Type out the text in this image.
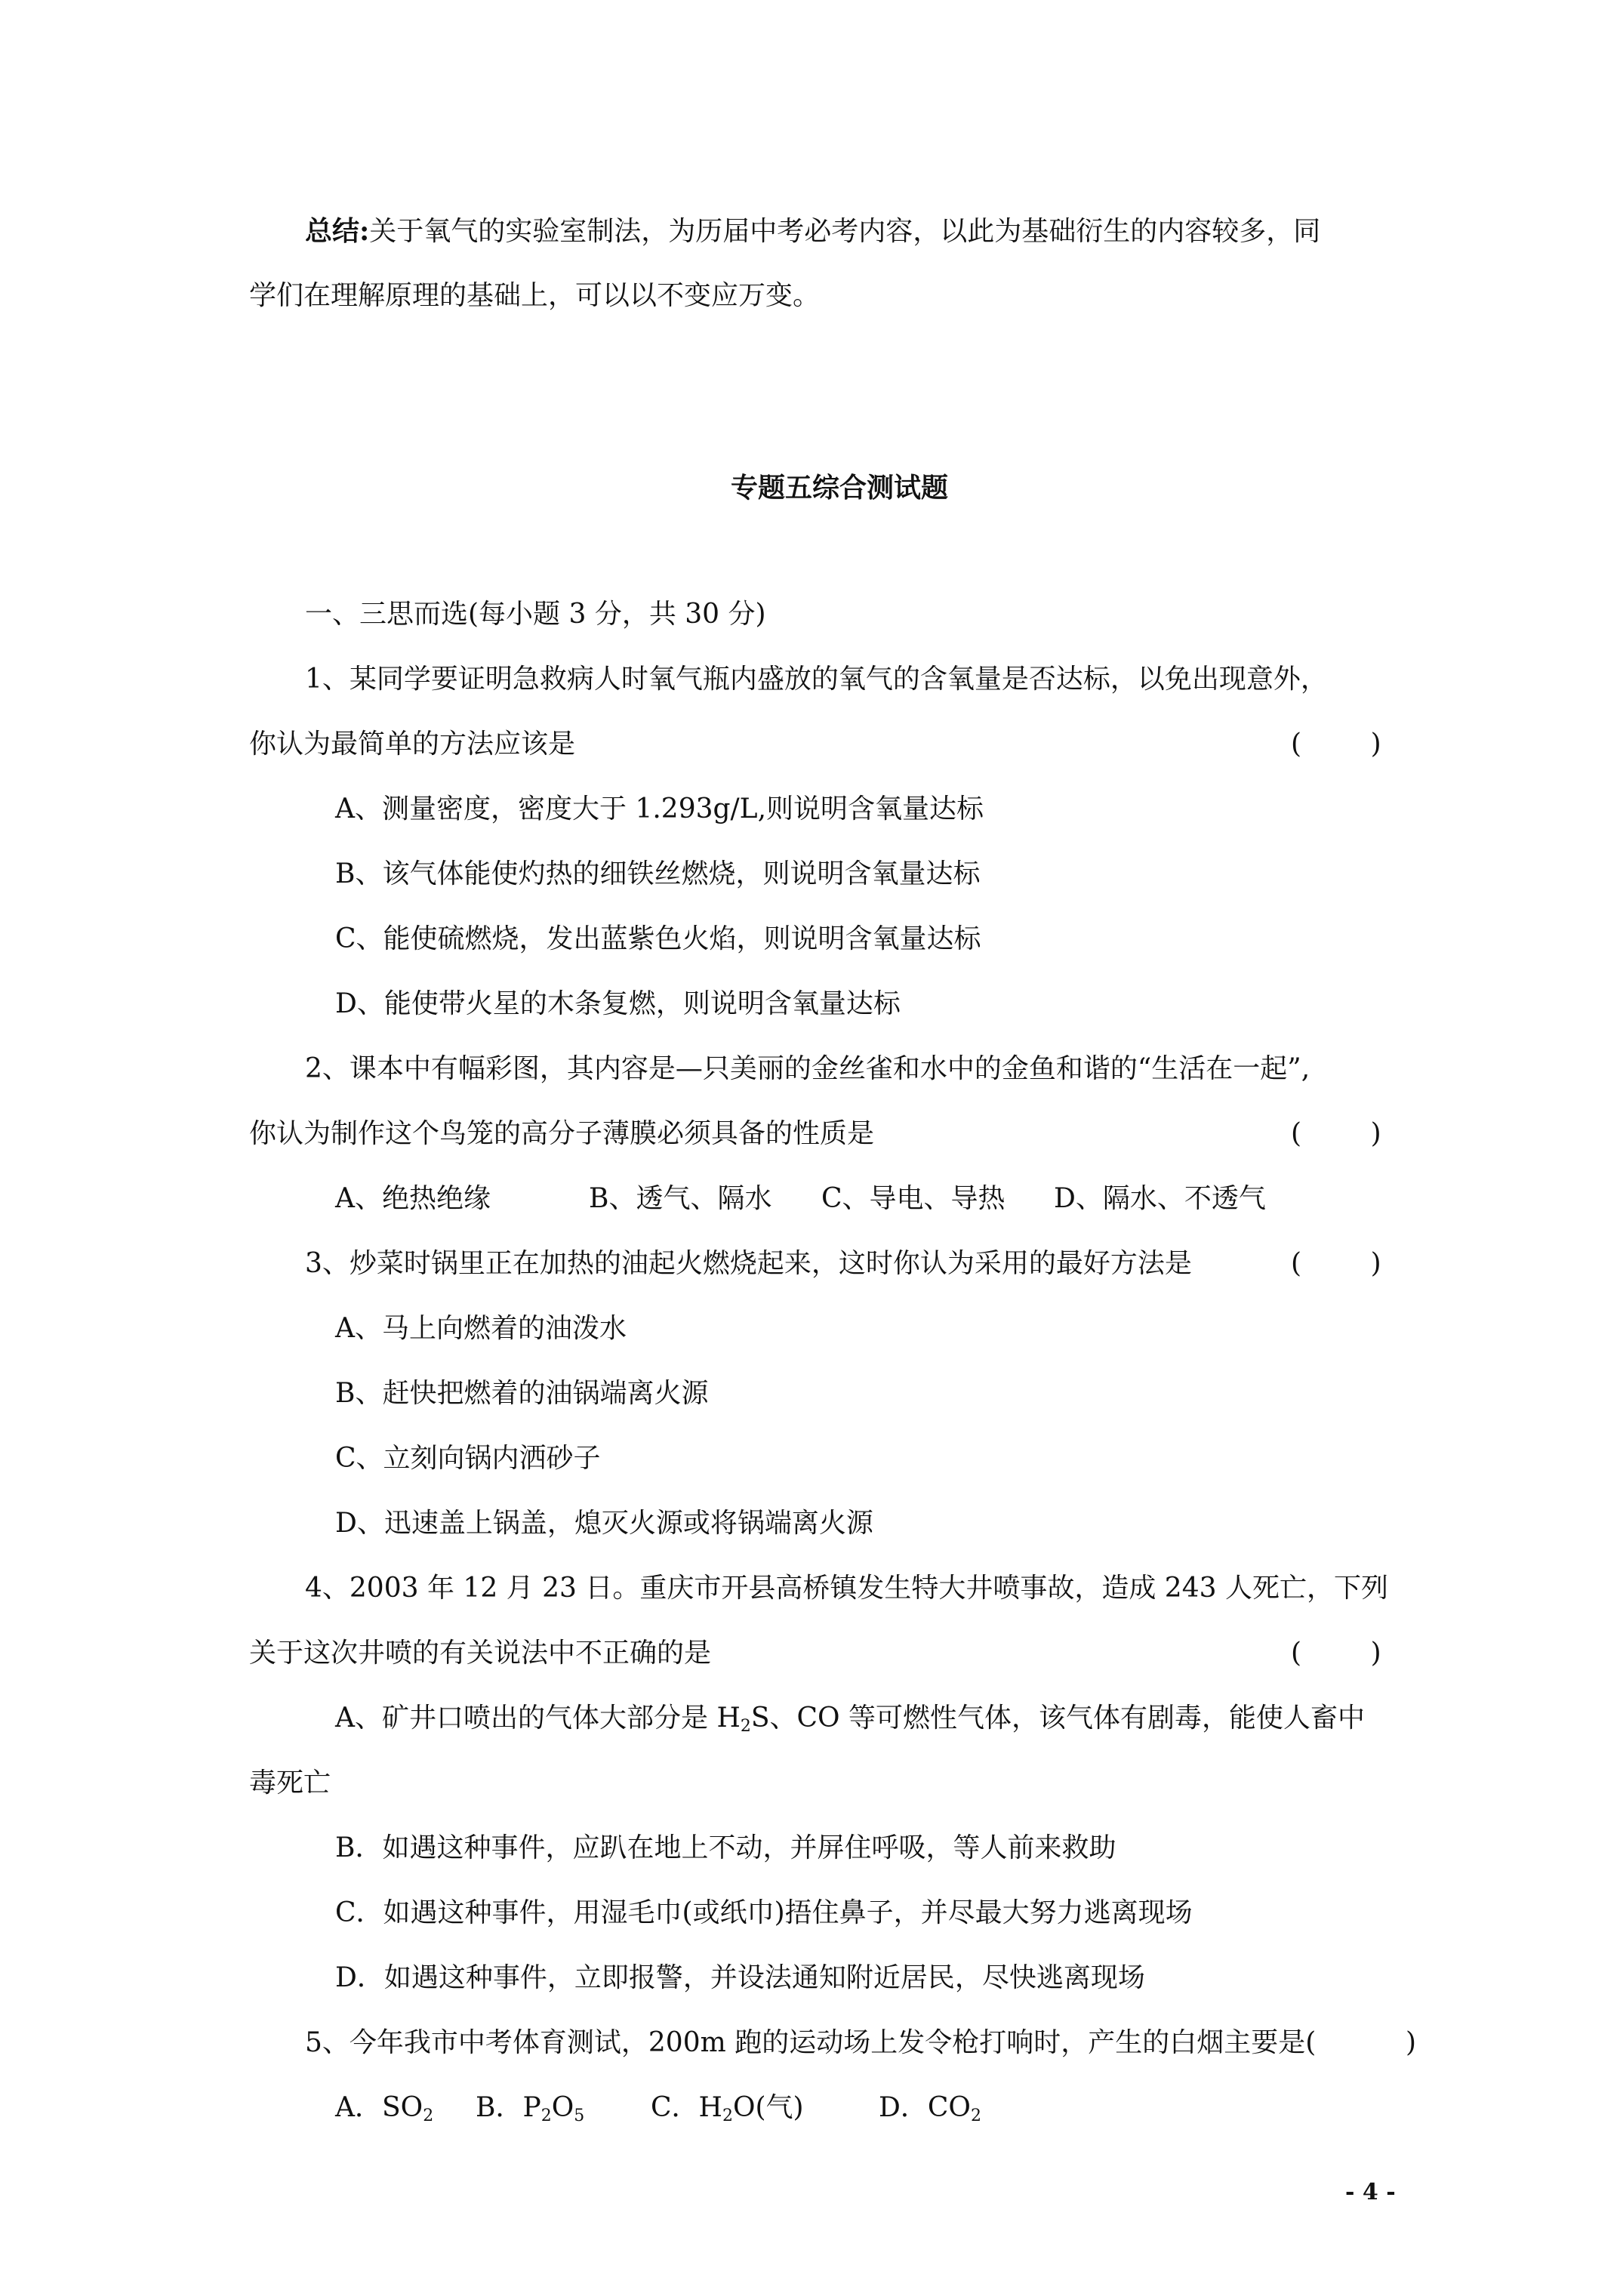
总结:关于氧气的实验室制法，为历届中考必考内容，以此为基础衍生的内容较多，同

学们在理解原理的基础上，可以以不变应万变。

专题五综合测试题

一、三思而选(每小题 3 分，共 30 分)

1、某同学要证明急救病人时氧气瓶内盛放的氧气的含氧量是否达标，以免出现意外，

你认为最简单的方法应该是	(        )

A、测量密度，密度大于 1.293g/L,则说明含氧量达标

B、该气体能使灼热的细铁丝燃烧，则说明含氧量达标

C、能使硫燃烧，发出蓝紫色火焰，则说明含氧量达标

D、能使带火星的木条复燃，则说明含氧量达标

2、课本中有幅彩图，其内容是—只美丽的金丝雀和水中的金鱼和谐的“生活在一起”,

你认为制作这个鸟笼的高分子薄膜必须具备的性质是	(        )
A、绝热绝缘	B、透气、隔水 C、导电、导热 D、隔水、不透气

3、炒菜时锅里正在加热的油起火燃烧起来，这时你认为采用的最好方法是	(        )

A、马上向燃着的油泼水

B、赶快把燃着的油锅端离火源

C、立刻向锅内洒砂子

D、迅速盖上锅盖，熄灭火源或将锅端离火源

4、2003 年 12 月 23 日。重庆市开县高桥镇发生特大井喷事故，造成 243 人死亡，下列

关于这次井喷的有关说法中不正确的是	(        )

A、矿井口喷出的气体大部分是 $H_2S$、CO 等可燃性气体，该气体有剧毒，能使人畜中

毒死亡

B．如遇这种事件，应趴在地上不动，并屏住呼吸，等人前来救助

C．如遇这种事件，用湿毛巾(或纸巾)捂住鼻子，并尽最大努力逃离现场

D．如遇这种事件，立即报警，并设法通知附近居民，尽快逃离现场

5、今年我市中考体育测试，200m 跑的运动场上发令枪打响时，产生的白烟主要是(	)
A．$SO_2$ B．$P_2O_5$ C．$H_2O$(气)	D．$CO_2$
- 4 -
